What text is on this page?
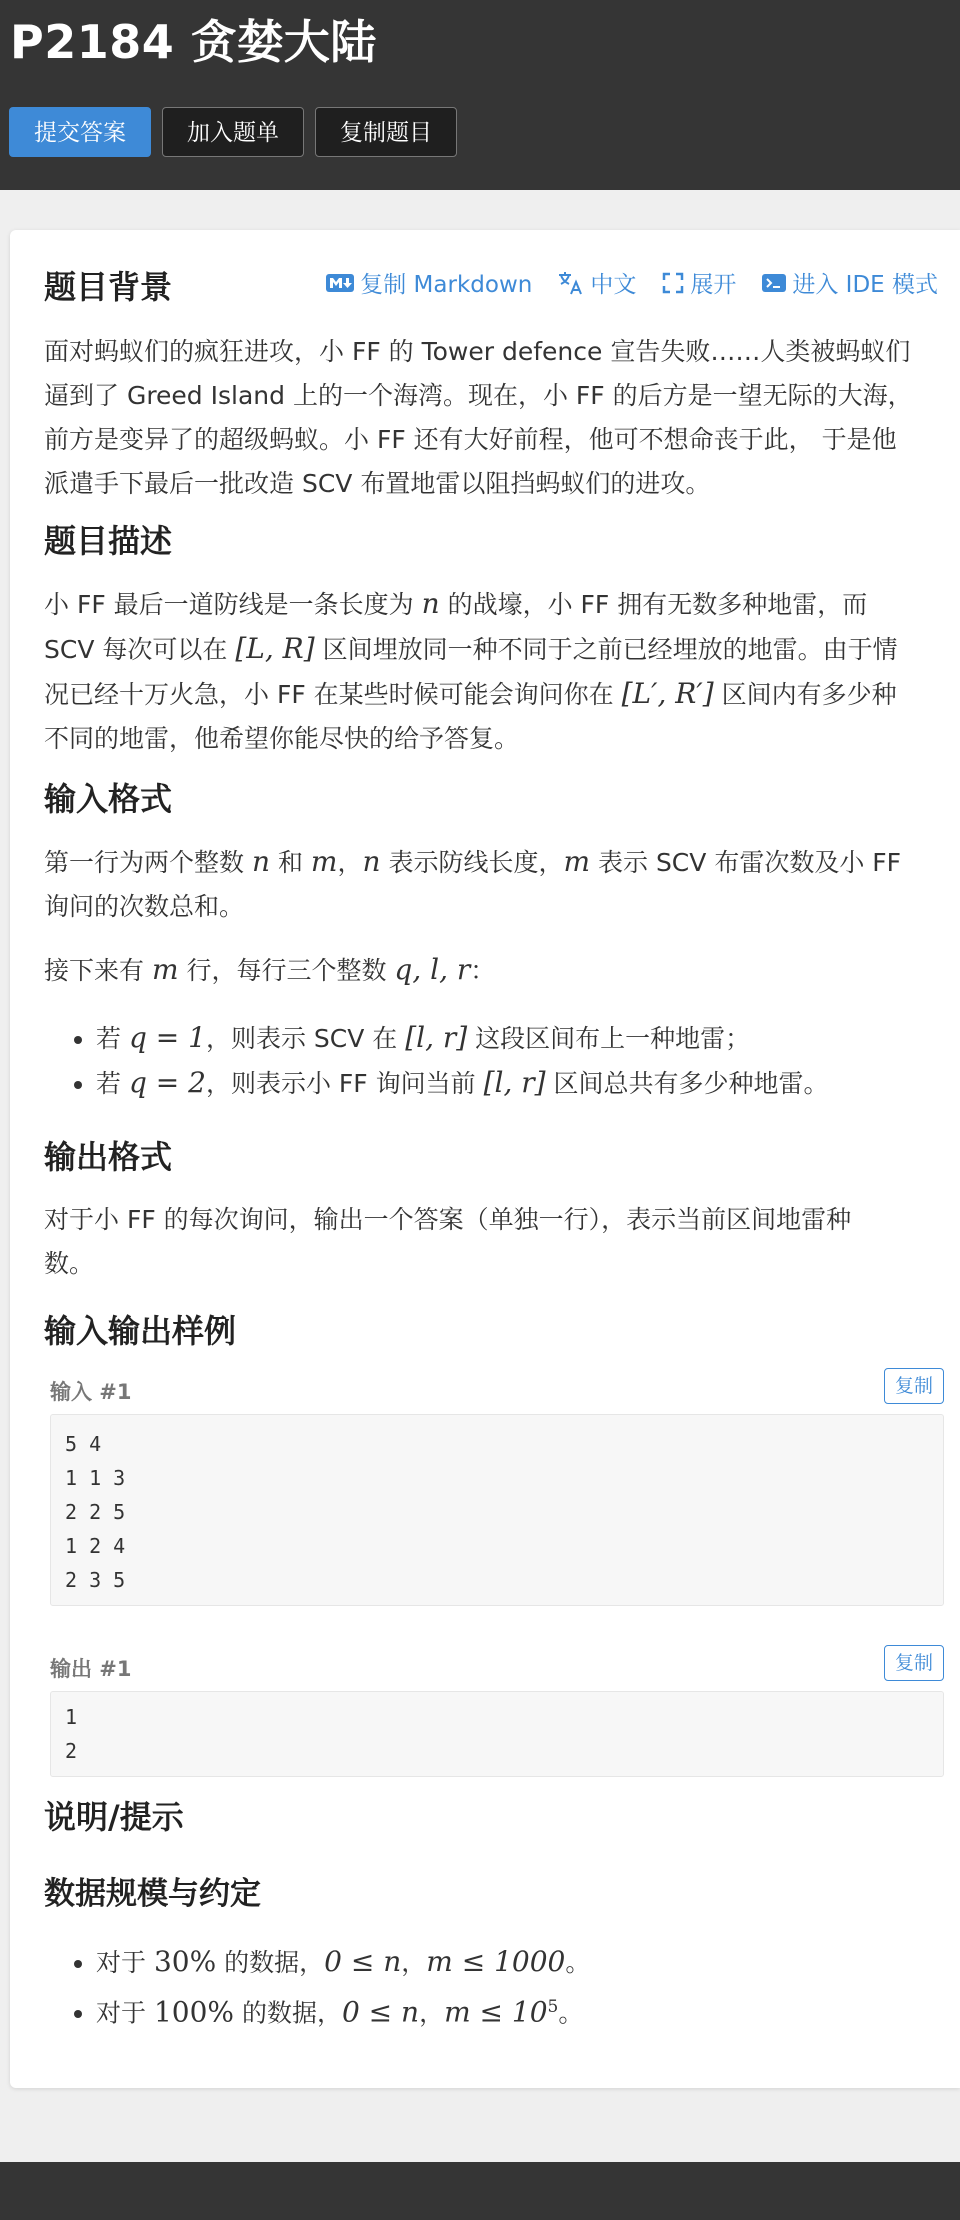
P2184 贪婪大陆
提交答案	加入题单	复制题目
复制 Markdown	中文 展开 进入 IDE 模式
题目背景

面对蚂蚁们的疯狂进攻，小 FF 的 Tower defence 宣告失败……人类被蚂蚁们

逼到了 Greed Island 上的一个海湾。现在，小 FF 的后方是一望无际的大海，

前方是变异了的超级蚂蚁。小 FF 还有大好前程，他可不想命丧于此， 于是他

派遣手下最后一批改造 SCV 布置地雷以阻挡蚂蚁们的进攻。

题目描述

小 FF 最后一道防线是一条长度为 n 的战壕，小 FF 拥有无数多种地雷，而

SCV 每次可以在 [L, R] 区间埋放同一种不同于之前已经埋放的地雷。由于情

况已经十万火急，小 FF 在某些时候可能会询问你在 [L′, R′] 区间内有多少种

不同的地雷，他希望你能尽快的给予答复。

输入格式

第一行为两个整数 n 和 m，n 表示防线长度，m 表示 SCV 布雷次数及小 FF

询问的次数总和。

接下来有 m 行，每行三个整数 q, l, r：

• 若 q = 1，则表示 SCV 在 [l, r] 这段区间布上一种地雷；
• 若 q = 2，则表示小 FF 询问当前 [l, r] 区间总共有多少种地雷。
输出格式

对于小 FF 的每次询问，输出一个答案（单独一行），表示当前区间地雷种

数。

输入输出样例
输入 #1	复制
5 4
1 1 3
2 2 5
1 2 4
2 3 5
输出 #1	复制
1
2
说明/提示
数据规模与约定
• 对于 30% 的数据，0 ≤ n，m ≤ 1000。
• 对于 100% 的数据，0 ≤ n，$m \le 10^5$。
